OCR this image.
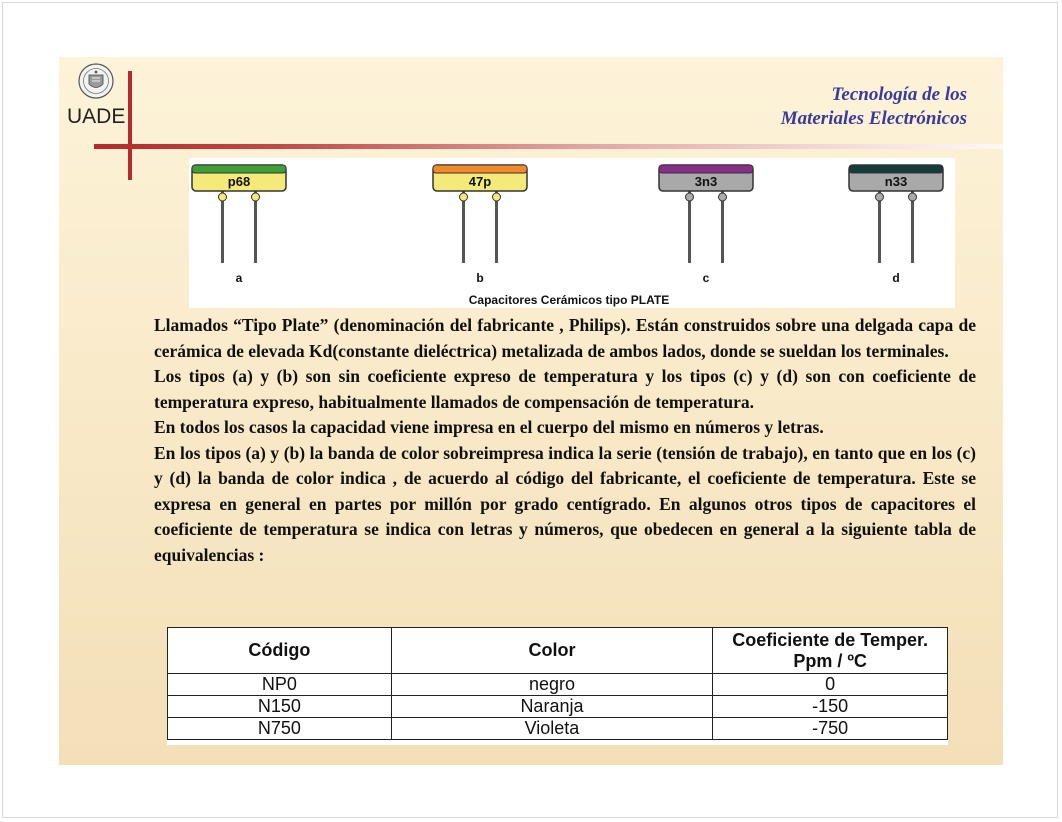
UADE
Tecnología de los
Materiales Electrónicos
p68
a
47p
b
3n3
c
n33
d
Capacitores Cerámicos tipo PLATE

Llamados “Tipo Plate” (denominación del fabricante , Philips). Están construidos sobre una delgada capa de cerámica de elevada Kd(constante dieléctrica) metalizada de ambos lados, donde se sueldan los terminales.

Los tipos (a) y (b) son sin coeficiente expreso de temperatura y los tipos (c) y (d) son con coeficiente de temperatura expreso, habitualmente llamados de compensación de temperatura.

En todos los casos la capacidad viene impresa en el cuerpo del mismo en números y letras.

En los tipos (a) y (b) la banda de color sobreimpresa indica la serie (tensión de trabajo), en tanto que en los (c) y (d) la banda de color indica , de acuerdo al código del fabricante, el coeficiente de temperatura. Este se expresa en general en partes por millón por grado centígrado. En algunos otros tipos de capacitores el coeficiente de temperatura se indica con letras y números, que obedecen en general a la siguiente tabla de equivalencias :

Código	Color	Coeficiente de Temper.
Ppm / ºC

NP0	negro	0
N150	Naranja	-150
N750	Violeta	-750
